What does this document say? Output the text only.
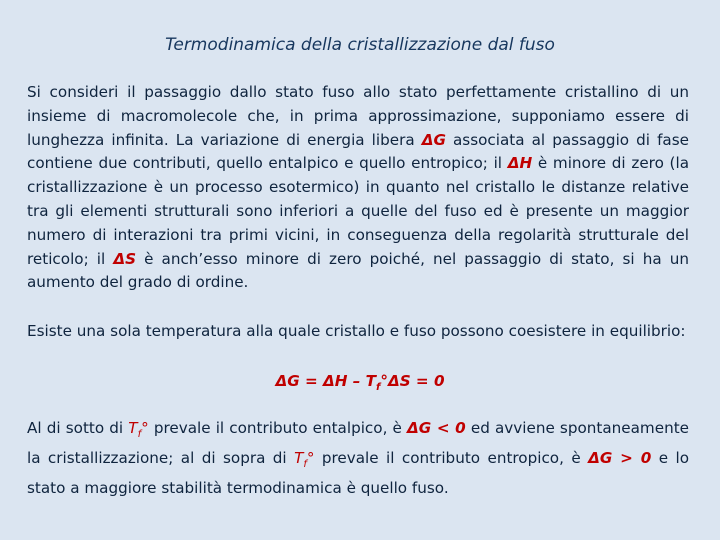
Termodinamica della cristallizzazione dal fuso
Si consideri il passaggio dallo stato fuso allo stato perfettamente cristallino di un insieme di macromolecole che, in prima approssimazione, supponiamo essere di lunghezza infinita. La variazione di energia libera ΔG associata al passaggio di fase contiene due contributi, quello entalpico e quello entropico; il ΔH è minore di zero (la cristallizzazione è un processo esotermico) in quanto nel cristallo le distanze relative tra gli elementi strutturali sono inferiori a quelle del fuso ed è presente un maggior numero di interazioni tra primi vicini, in conseguenza della regolarità strutturale del reticolo; il ΔS è anch’esso minore di zero poiché, nel passaggio di stato, si ha un aumento del grado di ordine.
Esiste una sola temperatura alla quale cristallo e fuso possono coesistere in equilibrio:
$\Delta G = \Delta H - T_f^\circ\Delta S = 0$
Al di sotto di $T_f^\circ$ prevale il contributo entalpico, è ΔG < 0 ed avviene spontaneamente la cristallizzazione; al di sopra di $T_f^\circ$ prevale il contributo entropico, è ΔG > 0 e lo stato a maggiore stabilità termodinamica è quello fuso.
